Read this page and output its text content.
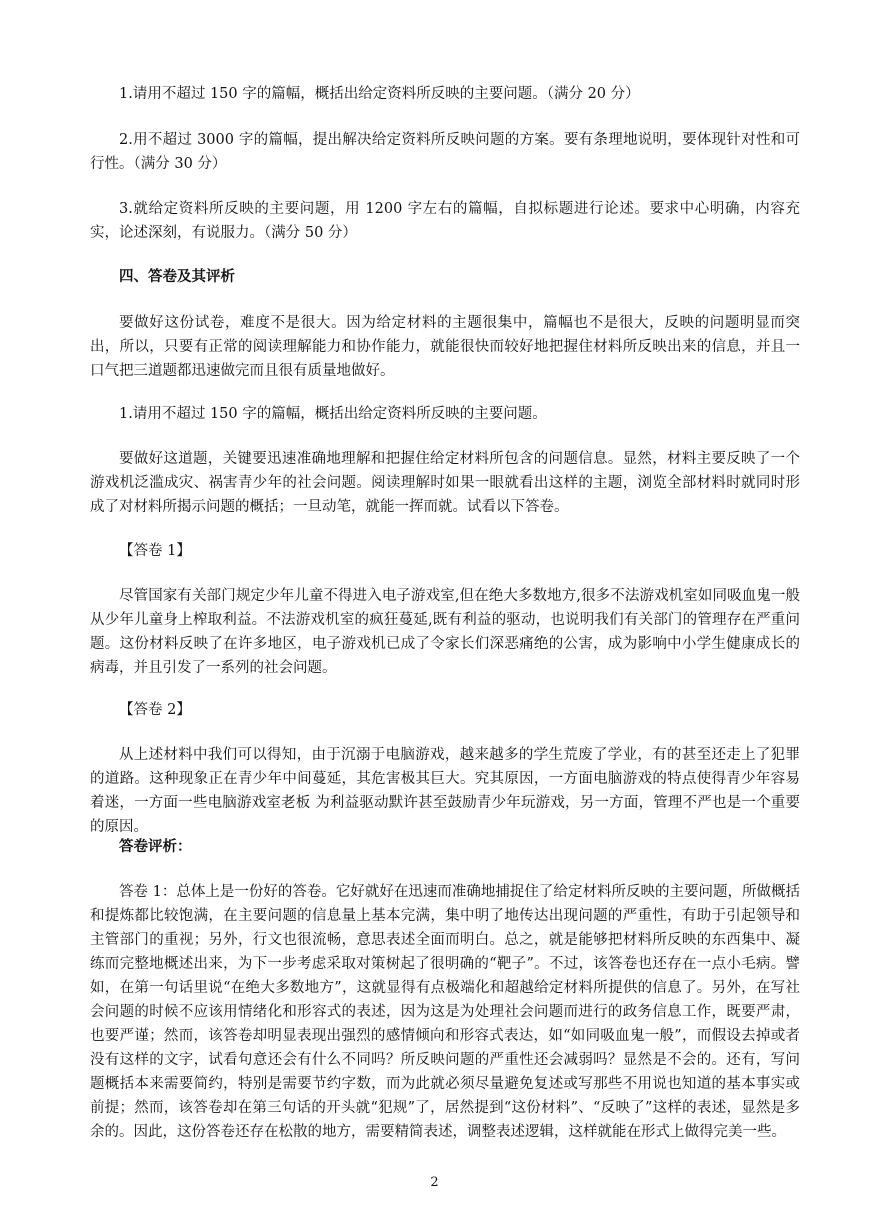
1.请用不超过 150 字的篇幅，概括出给定资料所反映的主要问题。（满分 20 分）

2.用不超过 3000 字的篇幅，提出解决给定资料所反映问题的方案。要有条理地说明，要体现针对性和可行性。（满分 30 分）

3.就给定资料所反映的主要问题，用 1200 字左右的篇幅，自拟标题进行论述。要求中心明确，内容充实，论述深刻，有说服力。（满分 50 分）

四、答卷及其评析

要做好这份试卷，难度不是很大。因为给定材料的主题很集中，篇幅也不是很大，反映的问题明显而突出，所以，只要有正常的阅读理解能力和协作能力，就能很快而较好地把握住材料所反映出来的信息，并且一口气把三道题都迅速做完而且很有质量地做好。

1.请用不超过 150 字的篇幅，概括出给定资料所反映的主要问题。

要做好这道题，关键要迅速准确地理解和把握住给定材料所包含的问题信息。显然，材料主要反映了一个游戏机泛滥成灾、祸害青少年的社会问题。阅读理解时如果一眼就看出这样的主题，浏览全部材料时就同时形成了对材料所揭示问题的概括；一旦动笔，就能一挥而就。试看以下答卷。

【答卷 1】

尽管国家有关部门规定少年儿童不得进入电子游戏室,但在绝大多数地方,很多不法游戏机室如同吸血鬼一般从少年儿童身上榨取利益。不法游戏机室的疯狂蔓延,既有利益的驱动，也说明我们有关部门的管理存在严重问题。这份材料反映了在许多地区，电子游戏机已成了令家长们深恶痛绝的公害，成为影响中小学生健康成长的病毒，并且引发了一系列的社会问题。

【答卷 2】

从上述材料中我们可以得知，由于沉溺于电脑游戏，越来越多的学生荒废了学业，有的甚至还走上了犯罪的道路。这种现象正在青少年中间蔓延，其危害极其巨大。究其原因，一方面电脑游戏的特点使得青少年容易着迷，一方面一些电脑游戏室老板 为利益驱动默许甚至鼓励青少年玩游戏，另一方面，管理不严也是一个重要的原因。

答卷评析：

答卷 1：总体上是一份好的答卷。它好就好在迅速而准确地捕捉住了给定材料所反映的主要问题，所做概括和提炼都比较饱满，在主要问题的信息量上基本完满，集中明了地传达出现问题的严重性，有助于引起领导和主管部门的重视；另外，行文也很流畅，意思表述全面而明白。总之，就是能够把材料所反映的东西集中、凝练而完整地概述出来，为下一步考虑采取对策树起了很明确的“靶子”。不过，该答卷也还存在一点小毛病。譬如，在第一句话里说“在绝大多数地方”，这就显得有点极端化和超越给定材料所提供的信息了。另外，在写社会问题的时候不应该用情绪化和形容式的表述，因为这是为处理社会问题而进行的政务信息工作，既要严肃，也要严谨；然而，该答卷却明显表现出强烈的感情倾向和形容式表达，如“如同吸血鬼一般”，而假设去掉或者没有这样的文字，试看句意还会有什么不同吗？所反映问题的严重性还会减弱吗？显然是不会的。还有，写问题概括本来需要简约，特别是需要节约字数，而为此就必须尽量避免复述或写那些不用说也知道的基本事实或前提；然而，该答卷却在第三句话的开头就“犯规”了，居然提到“这份材料”、“反映了”这样的表述，显然是多余的。因此，这份答卷还存在松散的地方，需要精简表述，调整表述逻辑，这样就能在形式上做得完美一些。

2
